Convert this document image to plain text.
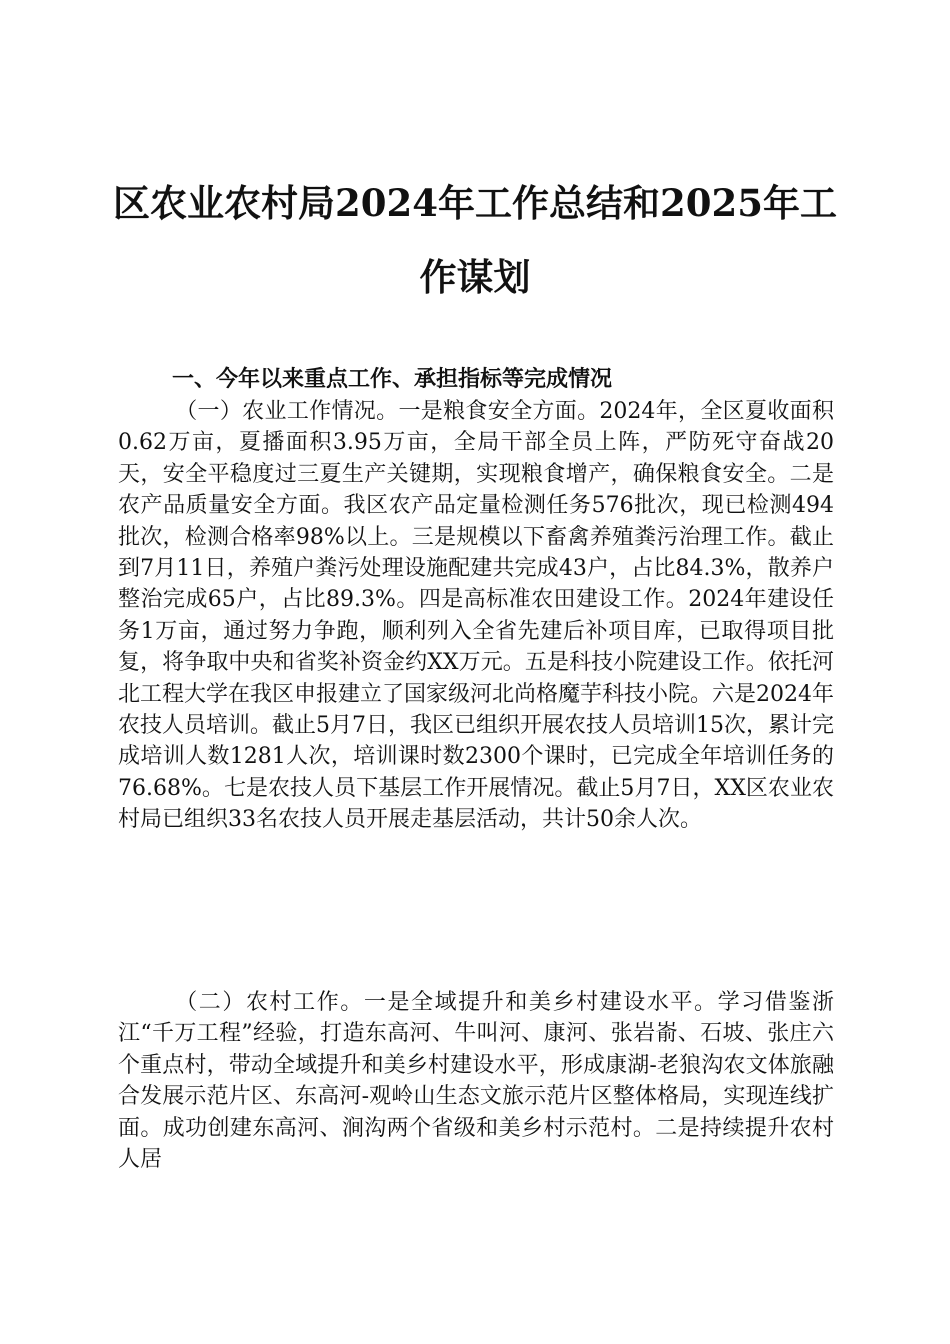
区农业农村局2024年工作总结和2025年工作谋划
一、今年以来重点工作、承担指标等完成情况

（一）农业工作情况。一是粮食安全方面。2024年，全区夏收面积0.62万亩，夏播面积3.95万亩，全局干部全员上阵，严防死守奋战20天，安全平稳度过三夏生产关键期，实现粮食增产，确保粮食安全。二是农产品质量安全方面。我区农产品定量检测任务576批次，现已检测494批次，检测合格率98%以上。三是规模以下畜禽养殖粪污治理工作。截止到7月11日，养殖户粪污处理设施配建共完成43户，占比84.3%，散养户整治完成65户，占比89.3%。四是高标准农田建设工作。2024年建设任务1万亩，通过努力争跑，顺利列入全省先建后补项目库，已取得项目批复，将争取中央和省奖补资金约XX万元。五是科技小院建设工作。依托河北工程大学在我区申报建立了国家级河北尚格魔芋科技小院。六是2024年农技人员培训。截止5月7日，我区已组织开展农技人员培训15次，累计完成培训人数1281人次，培训课时数2300个课时，已完成全年培训任务的76.68%。七是农技人员下基层工作开展情况。截止5月7日，XX区农业农村局已组织33名农技人员开展走基层活动，共计50余人次。

（二）农村工作。一是全域提升和美乡村建设水平。学习借鉴浙江“千万工程”经验，打造东高河、牛叫河、康河、张岩嵛、石坡、张庄六个重点村，带动全域提升和美乡村建设水平，形成康湖-老狼沟农文体旅融合发展示范片区、东高河-观岭山生态文旅示范片区整体格局，实现连线扩面。成功创建东高河、涧沟两个省级和美乡村示范村。二是持续提升农村人居
